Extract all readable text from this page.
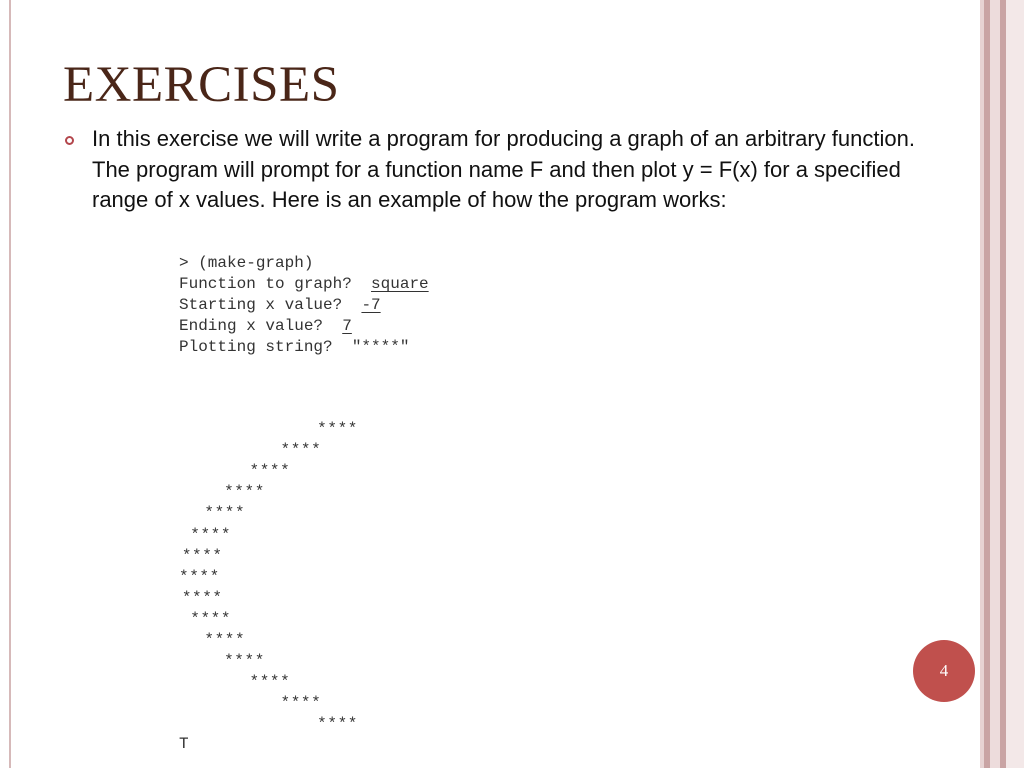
EXERCISES

In this exercise we will write a program for producing a graph of an arbitrary function. The program will prompt for a function name F and then plot y = F(x) for a specified range of x values. Here is an example of how the program works:

> (make-graph)
Function to graph?  square
Starting x value?  -7
Ending x value?  7
Plotting string?  "****"
****
****
****
****
****
****
****
****
****
****
****
****
****
****
****
T
4
